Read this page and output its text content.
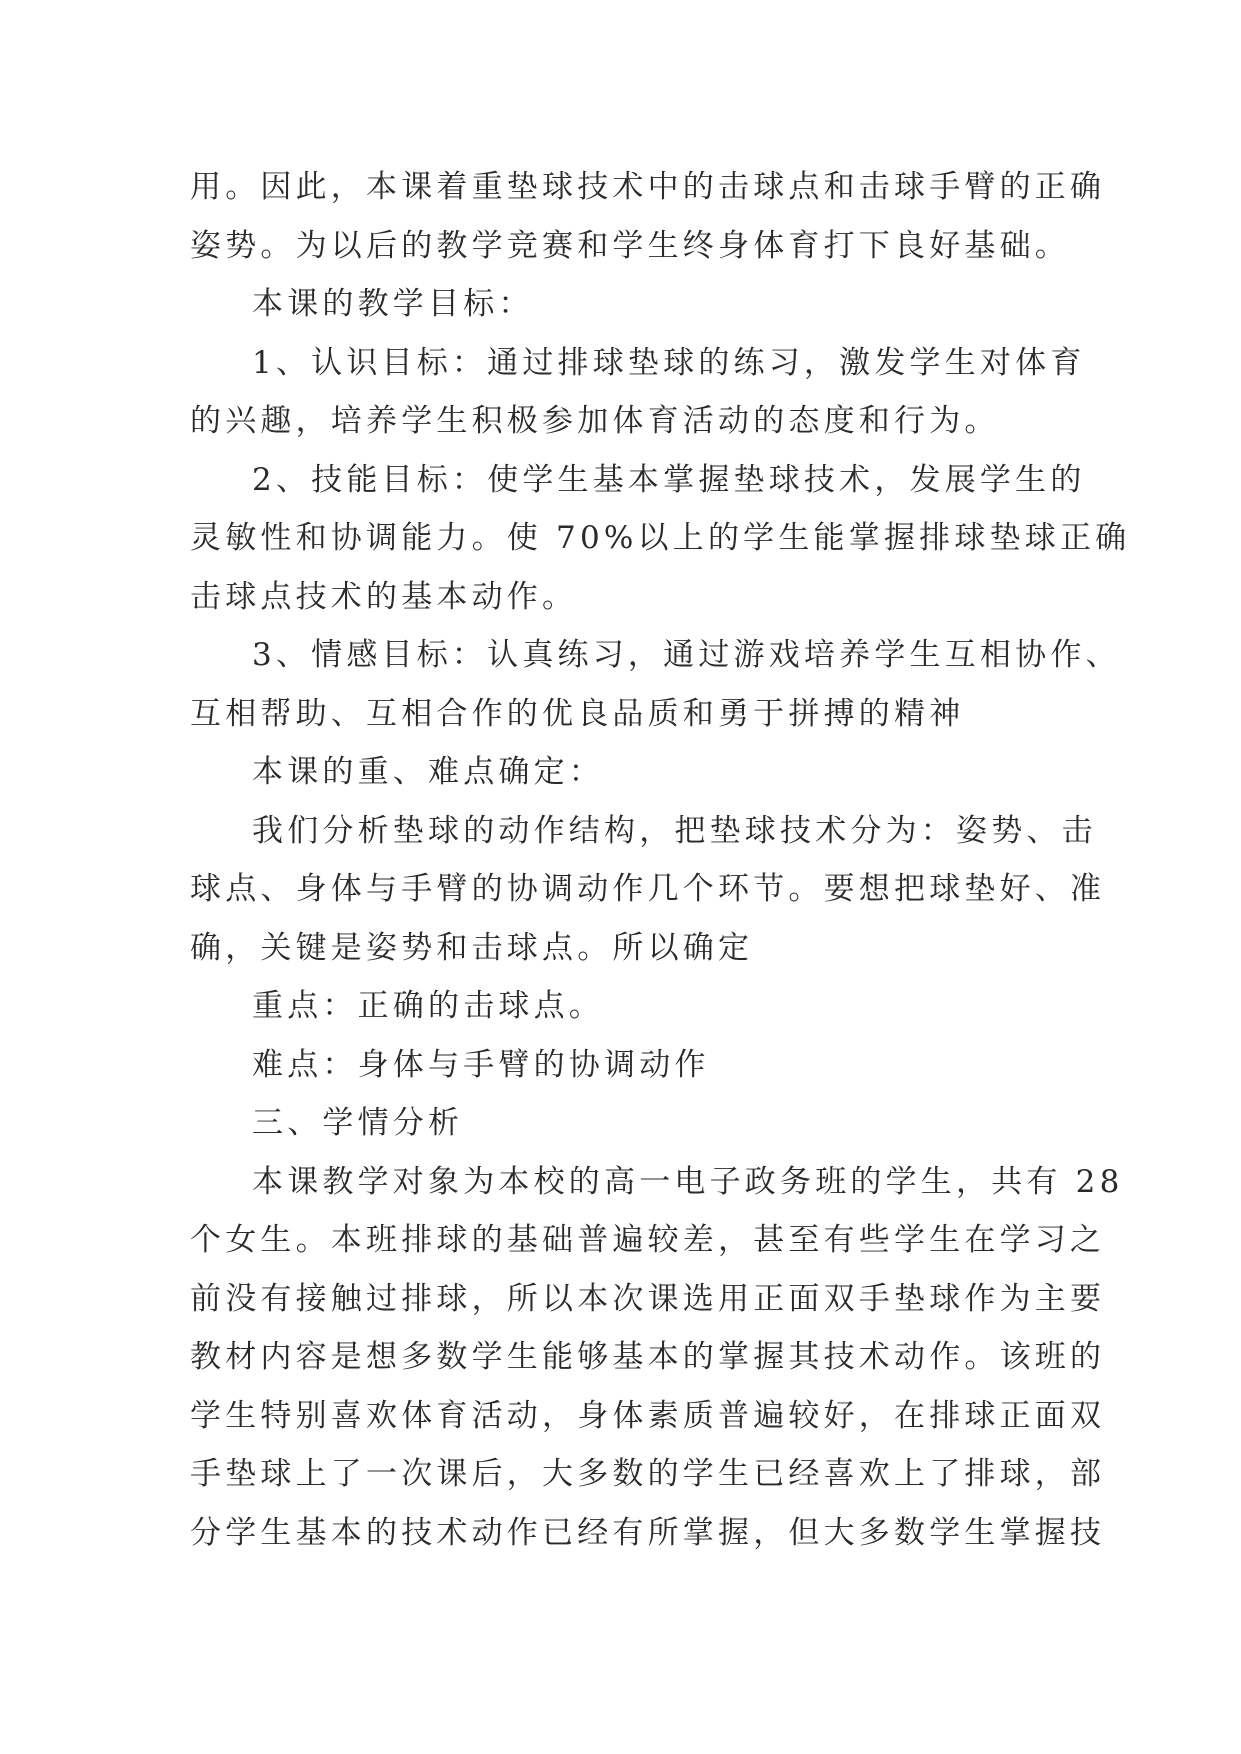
用。因此，本课着重垫球技术中的击球点和击球手臂的正确
姿势。为以后的教学竞赛和学生终身体育打下良好基础。
本课的教学目标：
1、认识目标：通过排球垫球的练习，激发学生对体育
的兴趣，培养学生积极参加体育活动的态度和行为。
2、技能目标：使学生基本掌握垫球技术，发展学生的
灵敏性和协调能力。使 70%以上的学生能掌握排球垫球正确
击球点技术的基本动作。
3、情感目标：认真练习，通过游戏培养学生互相协作、
互相帮助、互相合作的优良品质和勇于拼搏的精神
本课的重、难点确定：
我们分析垫球的动作结构，把垫球技术分为：姿势、击
球点、身体与手臂的协调动作几个环节。要想把球垫好、准
确，关键是姿势和击球点。所以确定
重点：正确的击球点。
难点：身体与手臂的协调动作
三、学情分析
本课教学对象为本校的高一电子政务班的学生，共有 28
个女生。本班排球的基础普遍较差，甚至有些学生在学习之
前没有接触过排球，所以本次课选用正面双手垫球作为主要
教材内容是想多数学生能够基本的掌握其技术动作。该班的
学生特别喜欢体育活动，身体素质普遍较好，在排球正面双
手垫球上了一次课后，大多数的学生已经喜欢上了排球，部
分学生基本的技术动作已经有所掌握，但大多数学生掌握技
